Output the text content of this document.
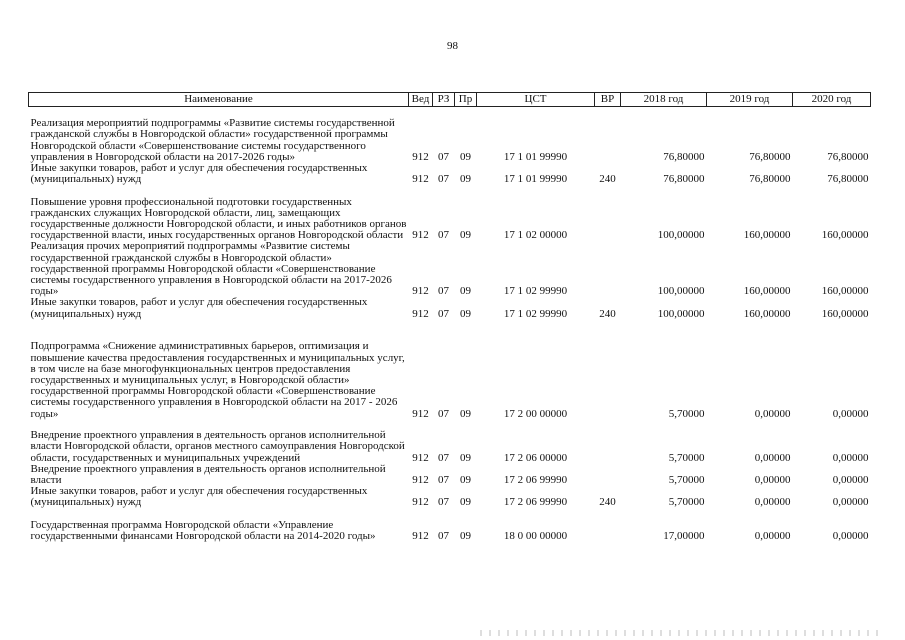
98
Наименование	Вед	РЗ	Пр	ЦСТ	ВР	2018 год	2019 год	2020 год
Реализация мероприятий подпрограммы «Развитие системы государственной гражданской службы в Новгородской области» государственной программы Новгородской области «Совершенствование системы государственного управления в Новгородской области на 2017-2026 годы»	912	07	09	17 1 01 99990		76,80000	76,80000	76,80000
Иные закупки товаров, работ и услуг для обеспечения государственных (муниципальных) нужд	912	07	09	17 1 01 99990	240	76,80000	76,80000	76,80000
Повышение уровня профессиональной подготовки государственных гражданских служащих Новгородской области, лиц, замещающих государственные должности Новгородской области, и иных работников органов государственной власти, иных государственных органов Новгородской области	912	07	09	17 1 02 00000		100,00000	160,00000	160,00000
Реализация прочих мероприятий подпрограммы «Развитие системы государственной гражданской службы в Новгородской области» государственной программы Новгородской области «Совершенствование системы государственного управления в Новгородской области на 2017-2026 годы»	912	07	09	17 1 02 99990		100,00000	160,00000	160,00000
Иные закупки товаров, работ и услуг для обеспечения государственных (муниципальных) нужд	912	07	09	17 1 02 99990	240	100,00000	160,00000	160,00000
Подпрограмма «Снижение административных барьеров, оптимизация и повышение качества предоставления государственных и муниципальных услуг, в том числе на базе многофункциональных центров предоставления государственных и муниципальных услуг, в Новгородской области» государственной программы Новгородской области «Совершенствование системы государственного управления в Новгородской области на 2017 - 2026 годы»	912	07	09	17 2 00 00000		5,70000	0,00000	0,00000
Внедрение проектного управления в деятельность органов исполнительной власти Новгородской области, органов местного самоуправления Новгородской области, государственных и муниципальных учреждений	912	07	09	17 2 06 00000		5,70000	0,00000	0,00000
Внедрение проектного управления в деятельность органов исполнительной власти	912	07	09	17 2 06 99990		5,70000	0,00000	0,00000
Иные закупки товаров, работ и услуг для обеспечения государственных (муниципальных) нужд	912	07	09	17 2 06 99990	240	5,70000	0,00000	0,00000
Государственная программа Новгородской области «Управление государственными финансами Новгородской области на 2014-2020 годы»	912	07	09	18 0 00 00000		17,00000	0,00000	0,00000
